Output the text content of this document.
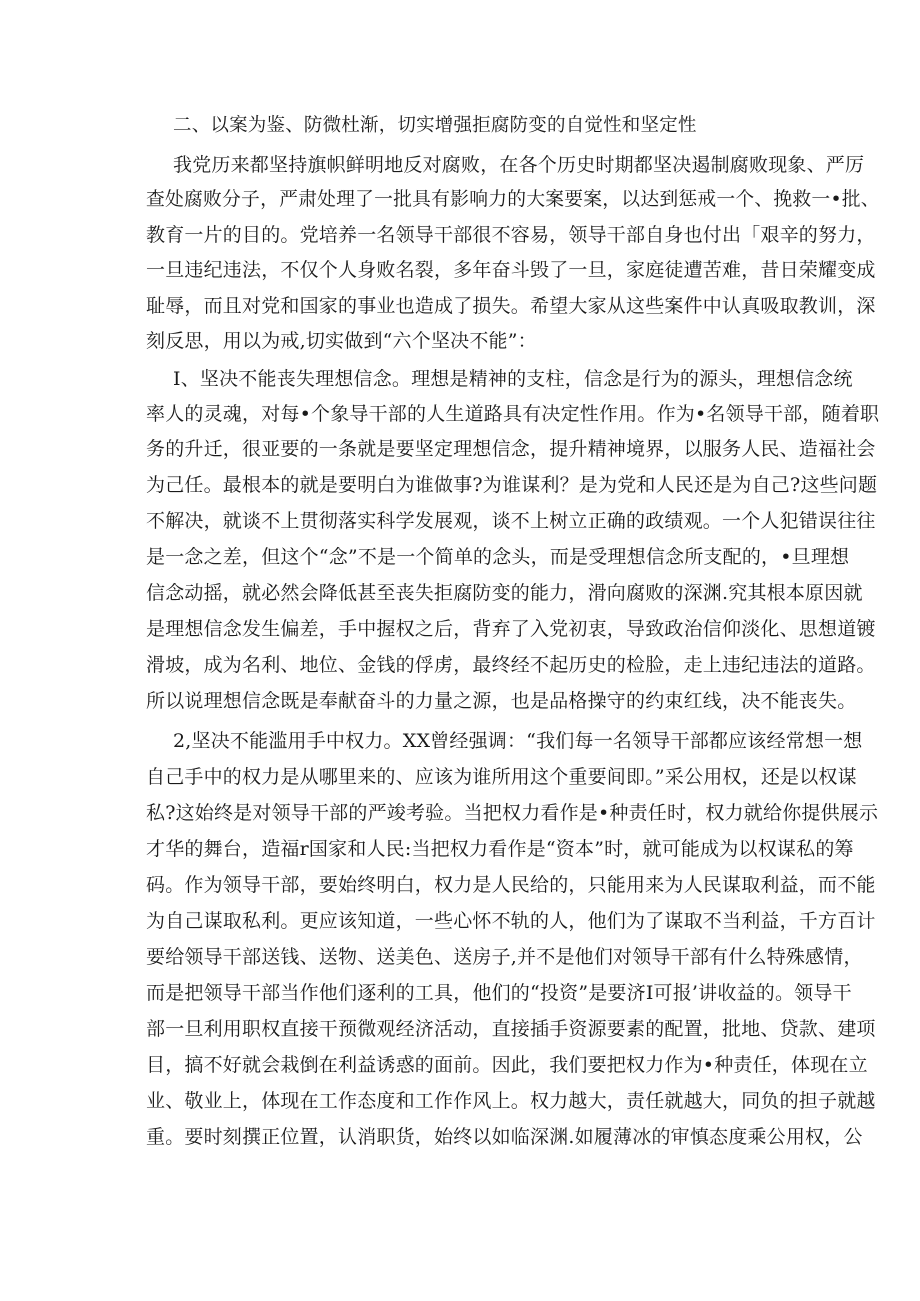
二、以案为鉴、防微杜渐，切实增强拒腐防变的自觉性和坚定性
我党历来都坚持旗帜鲜明地反对腐败，在各个历史时期都坚决遏制腐败现象、严厉
查处腐败分子，严肃处理了一批具有影响力的大案要案，以达到惩戒一个、挽救一•批、
教育一片的目的。党培养一名领导干部很不容易，领导干部自身也付出「艰辛的努力，
一旦违纪违法，不仅个人身败名裂，多年奋斗毁了一旦，家庭徒遭苦难，昔日荣耀变成
耻辱，而且对党和国家的事业也造成了损失。希望大家从这些案件中认真吸取教训，深
刻反思，用以为戒,切实做到“六个坚决不能”：
I、坚决不能丧失理想信念。理想是精神的支柱，信念是行为的源头，理想信念统
率人的灵魂，对每•个象导干部的人生道路具有决定性作用。作为•名领导干部，随着职
务的升迁，很亚要的一条就是要坚定理想信念，提升精神境界，以服务人民、造福社会
为己任。最根本的就是要明白为谁做事?为谁谋利？是为党和人民还是为自己?这些问题
不解决，就谈不上贯彻落实科学发展观，谈不上树立正确的政绩观。一个人犯错误往往
是一念之差，但这个“念”不是一个简单的念头，而是受理想信念所支配的，•旦理想
信念动摇，就必然会降低甚至丧失拒腐防变的能力，滑向腐败的深渊.究其根本原因就
是理想信念发生偏差，手中握权之后，背弃了入党初衷，导致政治信仰淡化、思想道镀
滑坡，成为名利、地位、金钱的俘虏，最终经不起历史的检脸，走上违纪违法的道路。
所以说理想信念既是奉献奋斗的力量之源，也是品格操守的约束红线，决不能丧失。
2,坚决不能滥用手中权力。XX曾经强调：“我们每一名领导干部都应该经常想一想
自己手中的权力是从哪里来的、应该为谁所用这个重要间即。”采公用权，还是以权谋
私?这始终是对领导干部的严竣考验。当把权力看作是•种责任时，权力就给你提供展示
才华的舞台，造福r国家和人民:当把权力看作是“资本”时，就可能成为以权谋私的筹
码。作为领导干部，要始终明白，权力是人民给的，只能用来为人民谋取利益，而不能
为自己谋取私利。更应该知道，一些心怀不轨的人，他们为了谋取不当利益，千方百计
要给领导干部送钱、送物、送美色、送房子,并不是他们对领导干部有什么特殊感情，
而是把领导干部当作他们逐利的工具，他们的“投资”是要济I可报’讲收益的。领导干
部一旦利用职权直接干预微观经济活动，直接插手资源要素的配置，批地、贷款、建项
目，搞不好就会栽倒在利益诱惑的面前。因此，我们要把权力作为•种责任，体现在立
业、敬业上，体现在工作态度和工作作风上。权力越大，责任就越大，同负的担子就越
重。要时刻撰正位置，认消职货，始终以如临深渊.如履薄冰的审慎态度乘公用权，公
